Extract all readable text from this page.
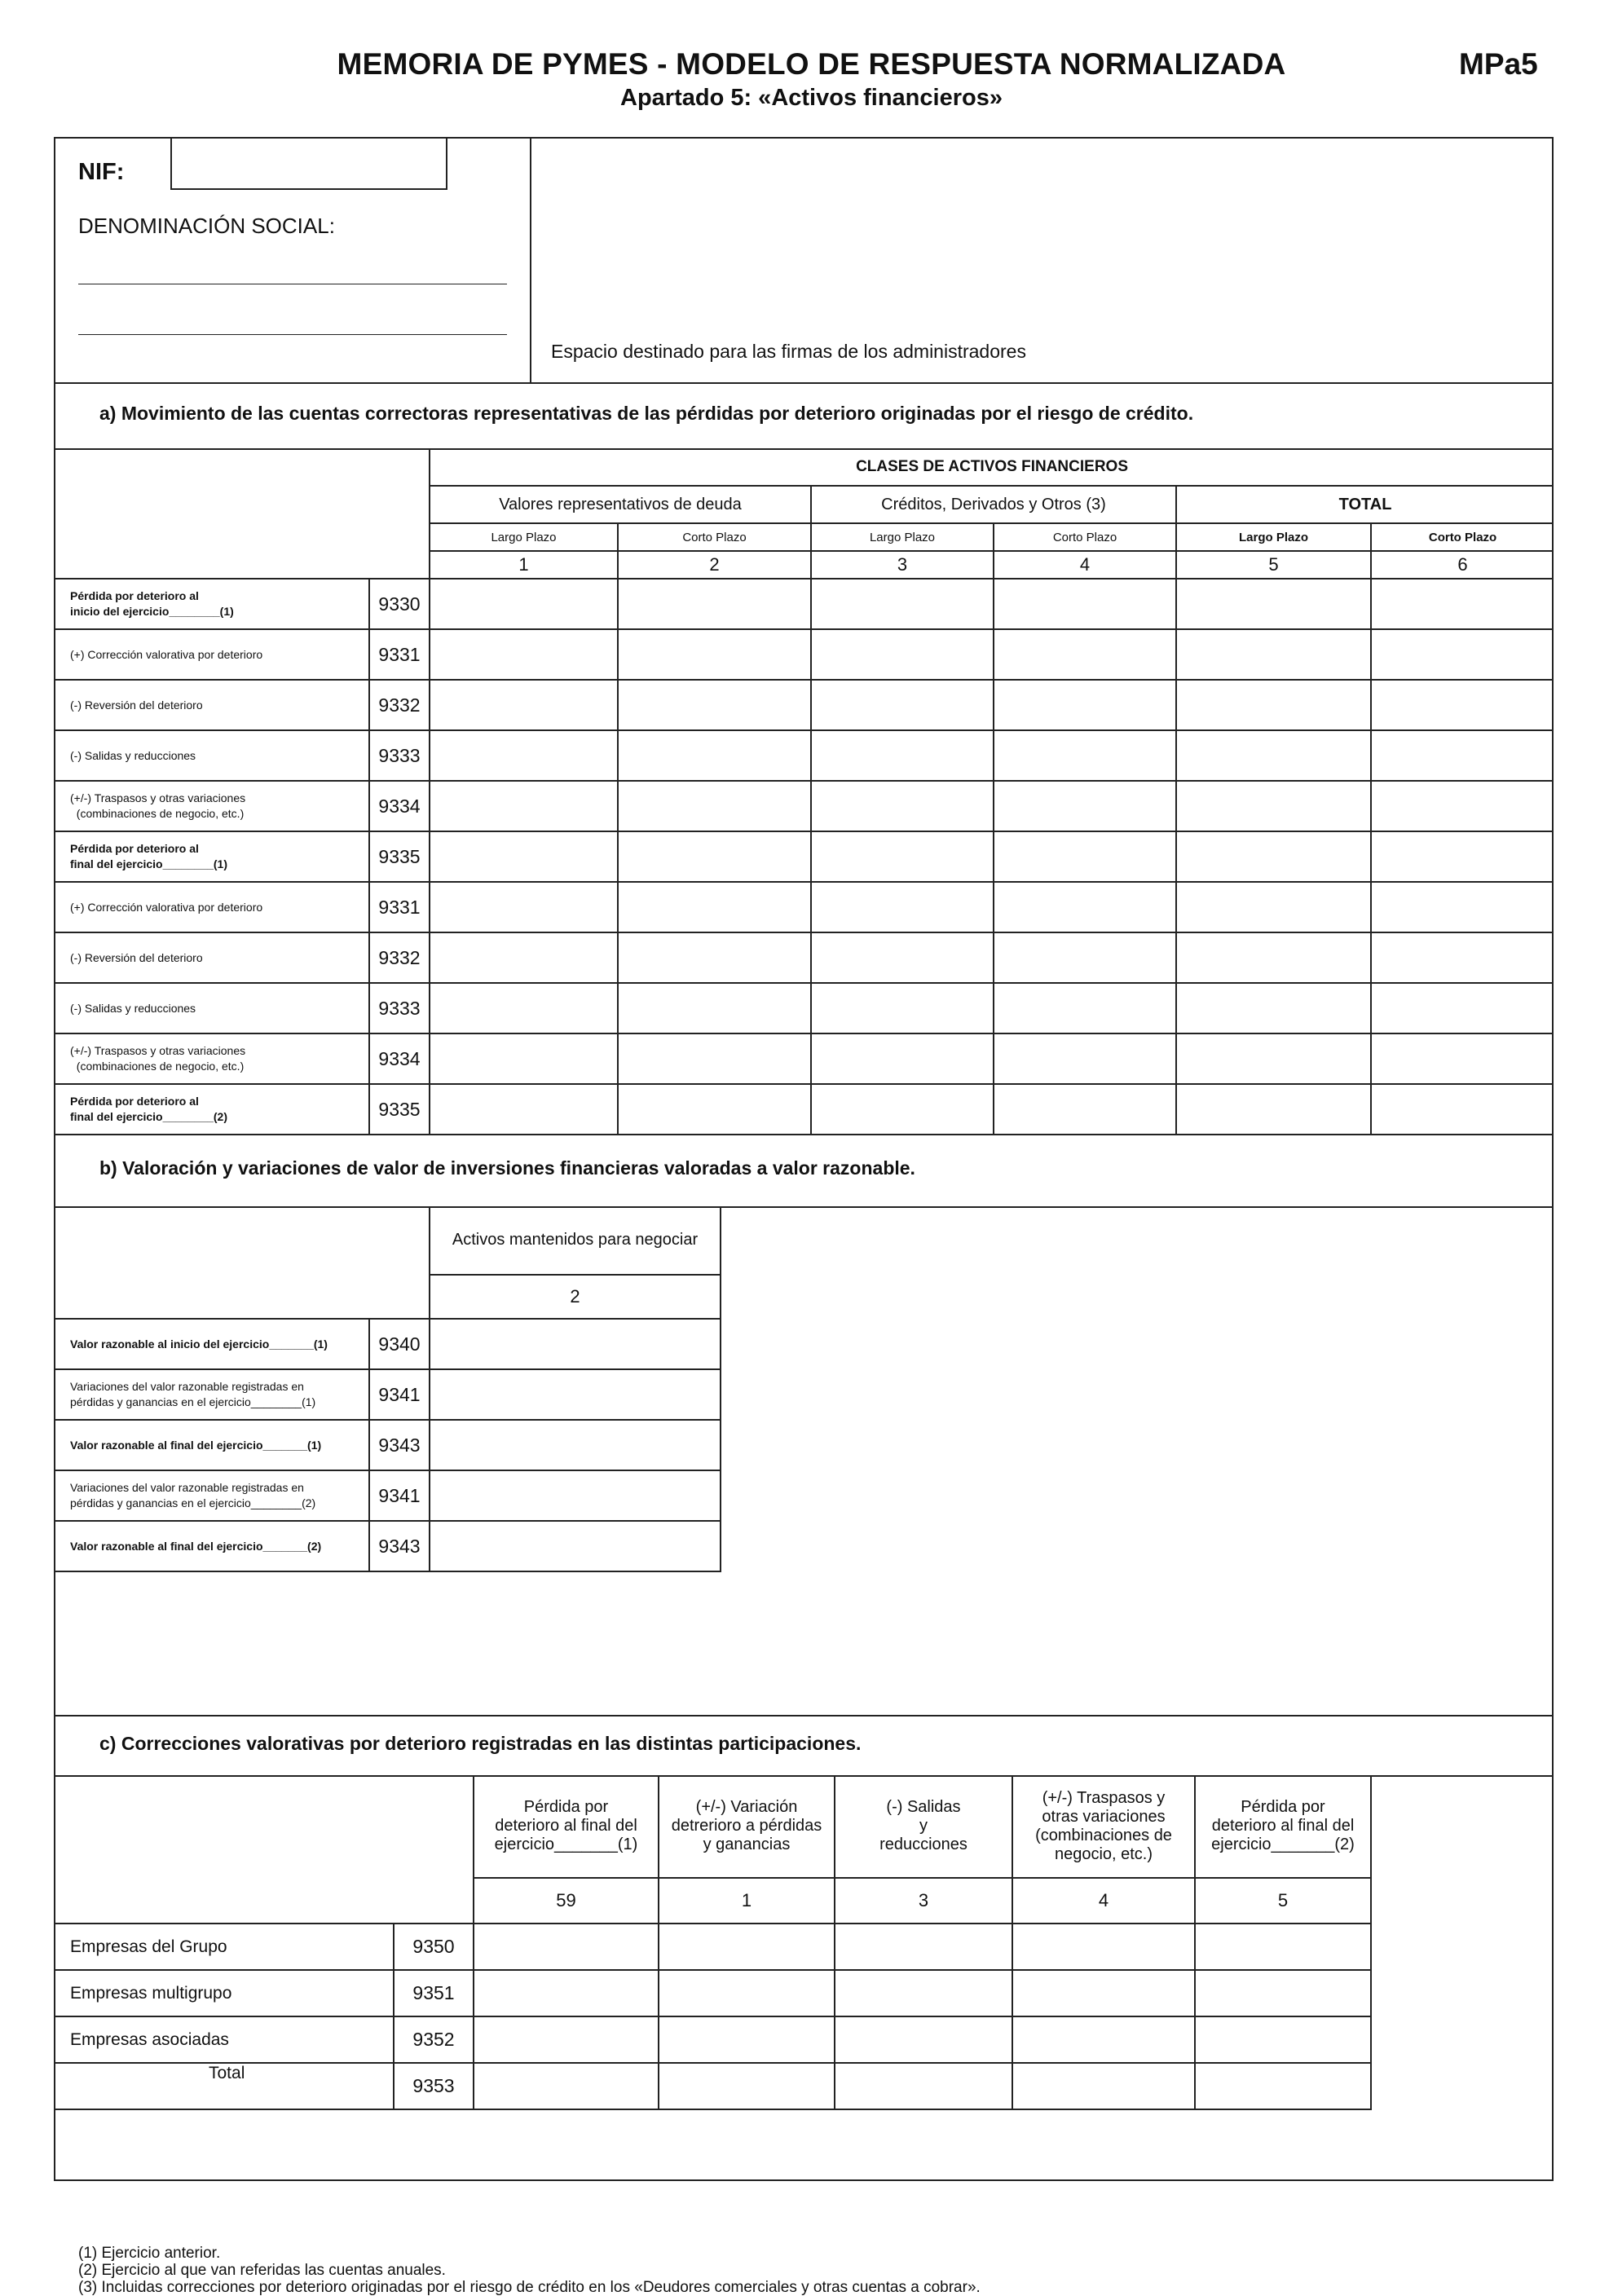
MEMORIA DE PYMES - MODELO DE RESPUESTA NORMALIZADA
Apartado 5: «Activos financieros»
MPa5
NIF:
DENOMINACIÓN SOCIAL:
Espacio destinado para las firmas de los administradores
a) Movimiento de las cuentas correctoras representativas de las pérdidas por deterioro originadas por el riesgo de crédito.
		CLASES DE ACTIVOS FINANCIEROS					
		Valores representativos de deuda		Créditos, Derivados y Otros (3)		TOTAL	
		Largo Plazo	Corto Plazo	Largo Plazo	Corto Plazo	Largo Plazo	Corto Plazo
		1	2	3	4	5	6

Pérdida por deterioro al
inicio del ejercicio________(1)	9330						

(+) Corrección valorativa por deterioro	9331						

(-) Reversión del deterioro	9332						

(-) Salidas y reducciones	9333						

(+/-) Traspasos y otras variaciones
(combinaciones de negocio, etc.)	9334						

Pérdida por deterioro al
final del ejercicio________(1)	9335						

(+) Corrección valorativa por deterioro	9331						

(-) Reversión del deterioro	9332						

(-) Salidas y reducciones	9333						

(+/-) Traspasos y otras variaciones
(combinaciones de negocio, etc.)	9334						

Pérdida por deterioro al
final del ejercicio________(2)	9335						
b) Valoración y variaciones de valor de inversiones financieras valoradas a valor razonable.
		Activos mantenidos para negociar
		2

Valor razonable al inicio del ejercicio_______(1)	9340	

Variaciones del valor razonable registradas en
pérdidas y ganancias en el ejercicio________(1)	9341	

Valor razonable al final del ejercicio_______(1)	9343	

Variaciones del valor razonable registradas en
pérdidas y ganancias en el ejercicio________(2)	9341	

Valor razonable al final del ejercicio_______(2)	9343	
c) Correcciones valorativas por deterioro registradas en las distintas participaciones.
		Pérdida por
deterioro al final del
ejercicio_______(1)	(+/-) Variación
detreriorо a pérdidas
y ganancias	(-) Salidas
y
reducciones	(+/-) Traspasos y
otras variaciones
(combinaciones de
negocio, etc.)	Pérdida por
deterioro al final del
ejercicio_______(2)
		59	1	3	4	5
Empresas del Grupo	9350					
Empresas multigrupo	9351					
Empresas asociadas	9352					
Total	9353					
(1) Ejercicio anterior.
(2) Ejercicio al que van referidas las cuentas anuales.
(3) Incluidas correcciones por deterioro originadas por el riesgo de crédito en los «Deudores comerciales y otras cuentas a cobrar».
